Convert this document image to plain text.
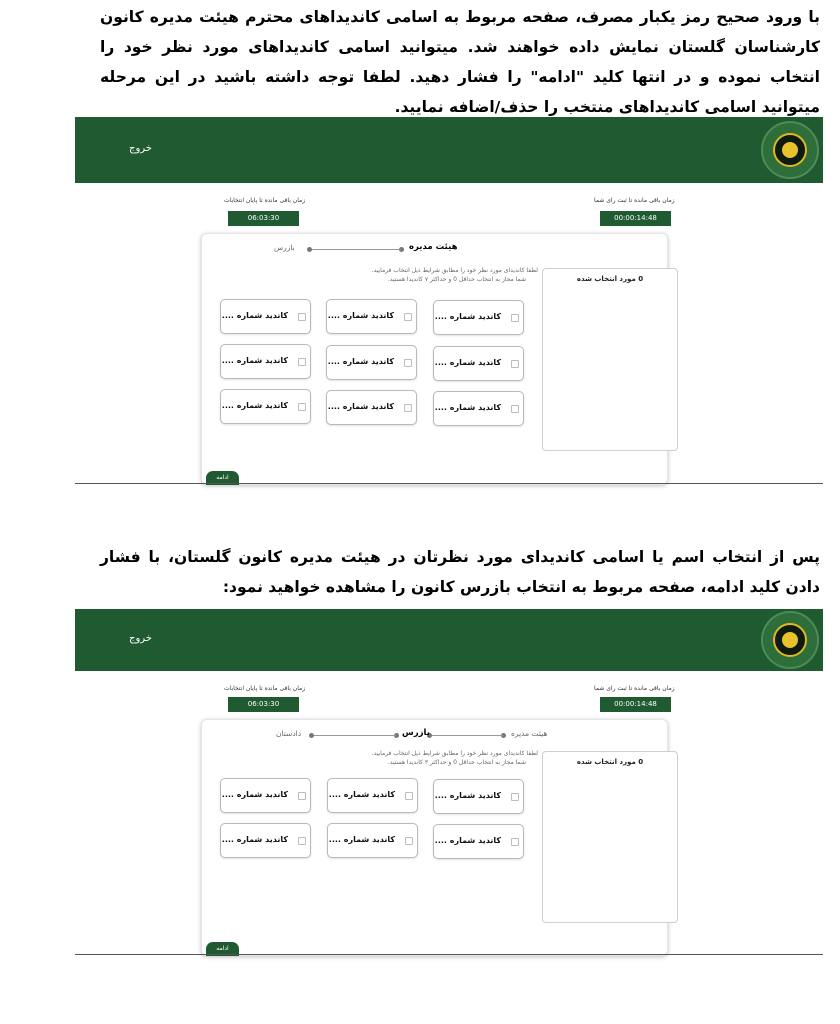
با ورود صحیح رمز یکبار مصرف، صفحه مربوط به اسامی کاندیداهای محترم هیئت مدیره کانون کارشناسان گلستان نمایش داده خواهند شد. میتوانید اسامی کاندیداهای مورد نظر خود را انتخاب نموده و در انتها کلید "ادامه" را فشار دهید. لطفا توجه داشته باشید در این مرحله میتوانید اسامی کاندیداهای منتخب را حذف/اضافه نمایید.

خروج
زمان باقی مانده تا پایان انتخابات
06:03:30
زمان باقی مانده تا ثبت رای شما
00:00:14:48
هیئت مدیره
بازرس
لطفا کاندیدای مورد نظر خود را مطابق شرایط ذیل انتخاب فرمایید.
شما مجاز به انتخاب حداقل 0 و حداکثر ۷ کاندیدا هستید.	0 مورد انتخاب شده
کاندید شماره ....
کاندید شماره ....
کاندید شماره ....
کاندید شماره ....
کاندید شماره ....
کاندید شماره ....
کاندید شماره ....
کاندید شماره ....
کاندید شماره ....
ادامه

پس از انتخاب اسم یا اسامی کاندیدای مورد نظرتان در هیئت مدیره کانون گلستان، با فشار دادن کلید ادامه، صفحه مربوط به انتخاب بازرس کانون را مشاهده خواهید نمود:

خروج
زمان باقی مانده تا پایان انتخابات
06:03:30
زمان باقی مانده تا ثبت رای شما
00:00:14:48
هیئت مدیره
بازرس
دادستان
لطفا کاندیدای مورد نظر خود را مطابق شرایط ذیل انتخاب فرمایید.
شما مجاز به انتخاب حداقل 0 و حداکثر ۳ کاندیدا هستید.	0 مورد انتخاب شده
کاندید شماره ....
کاندید شماره ....
کاندید شماره ....
کاندید شماره ....
کاندید شماره ....
کاندید شماره ....
ادامه
